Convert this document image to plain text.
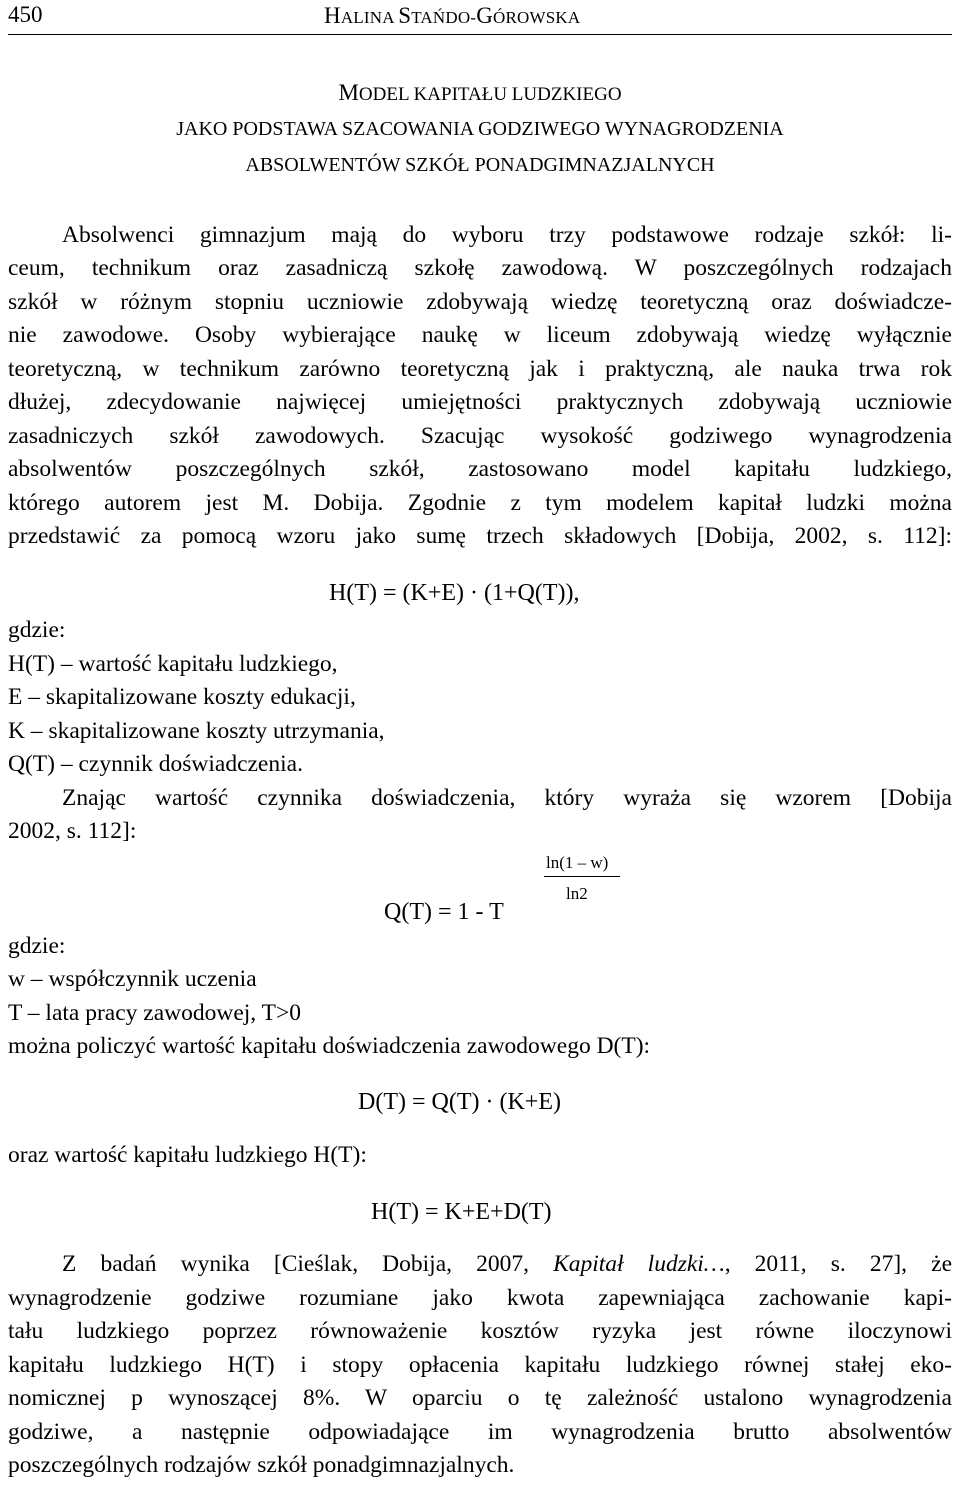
450	HALINA STAŃDO-GÓROWSKA
MODEL KAPITAŁU LUDZKIEGO
JAKO PODSTAWA SZACOWANIA GODZIWEGO WYNAGRODZENIA
ABSOLWENTÓW SZKÓŁ PONADGIMNAZJALNYCH
Absolwenci gimnazjum mają do wyboru trzy podstawowe rodzaje szkół: li-
ceum, technikum oraz zasadniczą szkołę zawodową. W poszczególnych rodzajach
szkół w różnym stopniu uczniowie zdobywają wiedzę teoretyczną oraz doświadcze-
nie zawodowe. Osoby wybierające naukę w liceum zdobywają wiedzę wyłącznie
teoretyczną, w technikum zarówno teoretyczną jak i praktyczną, ale nauka trwa rok
dłużej, zdecydowanie najwięcej umiejętności praktycznych zdobywają uczniowie
zasadniczych szkół zawodowych. Szacując wysokość godziwego wynagrodzenia
absolwentów poszczególnych szkół, zastosowano model kapitału ludzkiego,
którego autorem jest M. Dobija. Zgodnie z tym modelem kapitał ludzki można
przedstawić za pomocą wzoru jako sumę trzech składowych [Dobija, 2002, s. 112]:
H(T) = (K+E) · (1+Q(T)),
gdzie:
H(T) – wartość kapitału ludzkiego,
E – skapitalizowane koszty edukacji,
K – skapitalizowane koszty utrzymania,
Q(T) – czynnik doświadczenia.
Znając wartość czynnika doświadczenia, który wyraża się wzorem [Dobija
2002, s. 112]:
ln(1 – w)
ln2
Q(T) = 1 - T
gdzie:
w – współczynnik uczenia
T – lata pracy zawodowej, T>0
można policzyć wartość kapitału doświadczenia zawodowego D(T):
D(T) = Q(T) · (K+E)
oraz wartość kapitału ludzkiego H(T):
H(T) = K+E+D(T)
Z badań wynika [Cieślak, Dobija, 2007, Kapitał ludzki…, 2011, s. 27], że
wynagrodzenie godziwe rozumiane jako kwota zapewniająca zachowanie kapi-
tału ludzkiego poprzez równoważenie kosztów ryzyka jest równe iloczynowi
kapitału ludzkiego H(T) i stopy opłacenia kapitału ludzkiego równej stałej eko-
nomicznej p wynoszącej 8%. W oparciu o tę zależność ustalono wynagrodzenia
godziwe, a następnie odpowiadające im wynagrodzenia brutto absolwentów
poszczególnych rodzajów szkół ponadgimnazjalnych.
